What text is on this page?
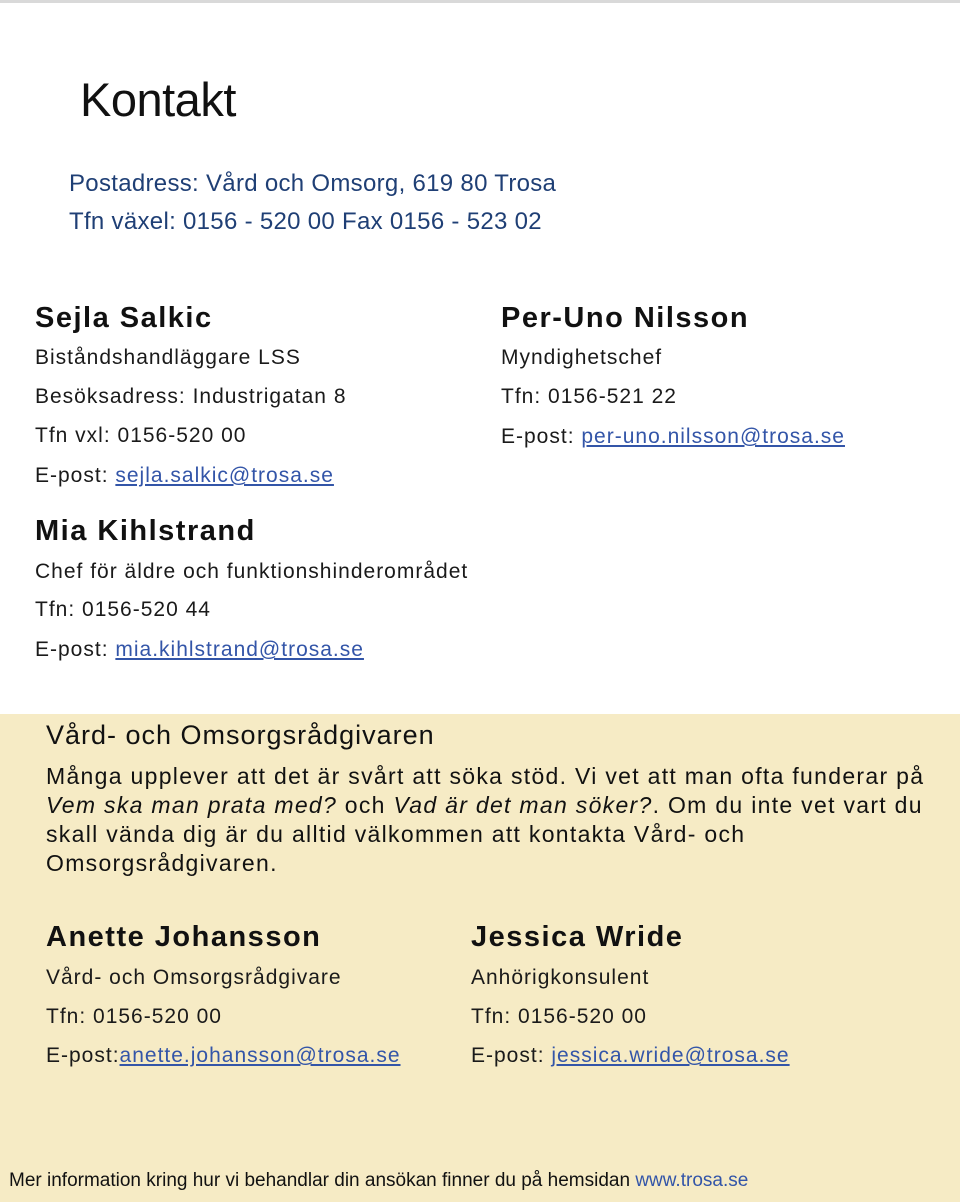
Kontakt
Postadress: Vård och Omsorg, 619 80 Trosa
Tfn växel: 0156 - 520 00 Fax 0156 - 523 02
Sejla Salkic
Biståndshandläggare LSS
Besöksadress: Industrigatan 8
Tfn vxl: 0156-520 00
E-post: sejla.salkic@trosa.se
Per-Uno Nilsson
Myndighetschef
Tfn: 0156-521 22
E-post: per-uno.nilsson@trosa.se
Mia Kihlstrand
Chef för äldre och funktionshinderområdet
Tfn: 0156-520 44
E-post: mia.kihlstrand@trosa.se
Vård- och Omsorgsrådgivaren
Många upplever att det är svårt att söka stöd. Vi vet att man ofta funderar på Vem ska man prata med? och Vad är det man söker?. Om du inte vet vart du skall vända dig är du alltid välkommen att kontakta Vård- och Omsorgsrådgivaren.
Anette Johansson
Vård- och Omsorgsrådgivare
Tfn: 0156-520 00
E-post:anette.johansson@trosa.se
Jessica Wride
Anhörigkonsulent
Tfn: 0156-520 00
E-post: jessica.wride@trosa.se
Mer information kring hur vi behandlar din ansökan finner du på hemsidan www.trosa.se
